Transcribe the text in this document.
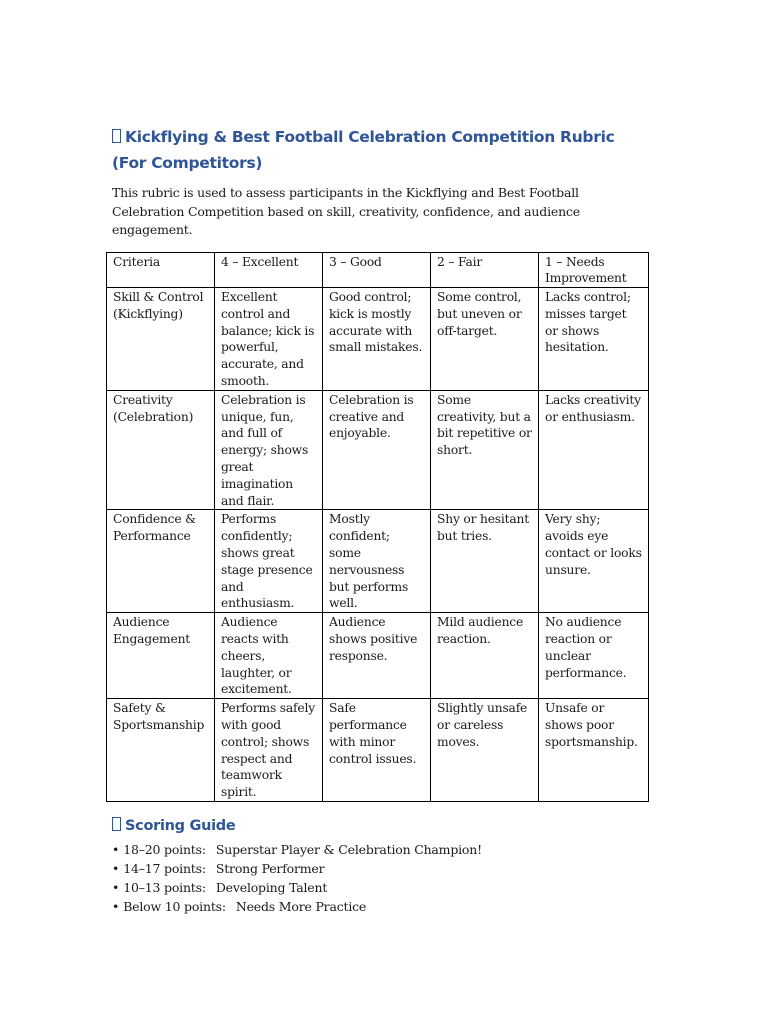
Kickflying & Best Football Celebration Competition Rubric (For Competitors)

This rubric is used to assess participants in the Kickflying and Best Football Celebration Competition based on skill, creativity, confidence, and audience engagement.

Criteria	4 – Excellent	3 – Good	2 – Fair	1 – Needs Improvement
Skill & Control (Kickflying)	Excellent control and balance; kick is powerful, accurate, and smooth.	Good control; kick is mostly accurate with small mistakes.	Some control, but uneven or off-target.	Lacks control; misses target or shows hesitation.
Creativity (Celebration)	Celebration is unique, fun, and full of energy; shows great imagination and flair.	Celebration is creative and enjoyable.	Some creativity, but a bit repetitive or short.	Lacks creativity or enthusiasm.
Confidence & Performance	Performs confidently; shows great stage presence and enthusiasm.	Mostly confident; some nervousness but performs well.	Shy or hesitant but tries.	Very shy; avoids eye contact or looks unsure.
Audience Engagement	Audience reacts with cheers, laughter, or excitement.	Audience shows positive response.	Mild audience reaction.	No audience reaction or unclear performance.
Safety & Sportsmanship	Performs safely with good control; shows respect and teamwork spirit.	Safe performance with minor control issues.	Slightly unsafe or careless moves.	Unsafe or shows poor sportsmanship.
Scoring Guide
• 18–20 points: Superstar Player & Celebration Champion!
• 14–17 points: Strong Performer
• 10–13 points: Developing Talent
• Below 10 points: Needs More Practice
